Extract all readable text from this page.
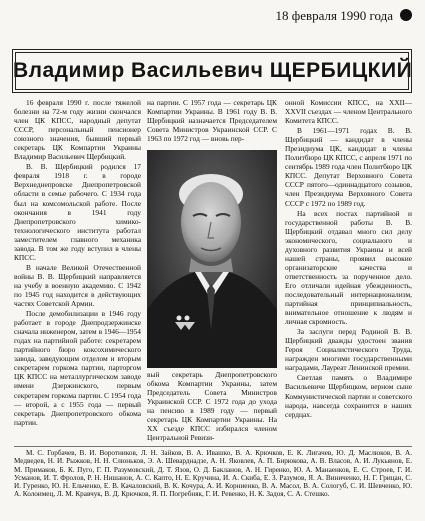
18 февраля 1990 года
Владимир Васильевич ЩЕРБИЦКИЙ

16 февраля 1990 г. после тяжелой болезни на 72-м году жизни скончался член ЦК КПСС, народный депутат СССР, персональный пенсионер союзного значения, бывший первый секретарь ЦК Компартии Украины Владимир Васильевич Щербицкий.

В. В. Щербицкий родился 17 февраля 1918 г. в городе Верхнеднепровске Днепропетровской области в семье рабочего. С 1934 года был на комсомольской работе. После окончания в 1941 году Днепропетровского химико-технологического института работал заместителем главного механика завода. В том же году вступил в члены КПСС.

В начале Великой Отечественной войны В. В. Щербицкий направляется на учебу в военную академию. С 1942 по 1945 год находится в действующих частях Советской Армии.

После демобилизации в 1946 году работает в городе Днепродзержинске сначала инженером, затем в 1946—1954 годах на партийной работе: секретарем партийного бюро коксохимического завода, заведующим отделом и вторым секретарем горкома партии, парторгом ЦК КПСС на металлургическом заводе имени Дзержинского, первым секретарем горкома партии. С 1954 года — второй, а с 1955 года — первый секретарь Днепропетровского обкома партии.

на партии. С 1957 года — секретарь ЦК Компартии Украины. В 1961 году В. В. Щербицкий назначается Председателем Совета Министров Украинской ССР. С 1963 по 1972 год — вновь пер-

вый секретарь Днепропетровского обкома Компартии Украины, затем Председатель Совета Министров Украинской ССР. С 1972 года до ухода на пенсию в 1989 году — первый секретарь ЦК Компартии Украины. На XX съезде КПСС избирался членом Центральной Ревизи-

онной Комиссии КПСС, на XXII—XXVII съездах — членом Центрального Комитета КПСС.

В 1961—1971 годах В. В. Щербицкий — кандидат в члены Президиума ЦК, кандидат в члены Политбюро ЦК КПСС, с апреля 1971 по сентябрь 1989 года член Политбюро ЦК КПСС. Депутат Верховного Совета СССР пятого—одиннадцатого созывов, член Президиума Верховного Совета СССР с 1972 по 1989 год.

На всех постах партийной и государственной работы В. В. Щербицкий отдавал много сил делу экономического, социального и духовного развития Украины и всей нашей страны, проявил высокие организаторские качества и ответственность за порученное дело. Его отличали идейная убежденность, последовательный интернационализм, партийная принципиальность, внимательное отношение к людям и личная скромность.

За заслуги перед Родиной В. В. Щербицкий дважды удостоен звания Героя Социалистического Труда, награжден многими государственными наградами, Лауреат Ленинской премии.

Светлая память о Владимире Васильевиче Щербицком, верном сыне Коммунистической партии и советского народа, навсегда сохранится в наших сердцах.

М. С. Горбачев, В. И. Воротников, Л. Н. Зайков, В. А. Ивашко, В. А. Крючков, Е. К. Лигачев, Ю. Д. Маслюков, В. А. Медведев, Н. И. Рыжков, Н. Н. Слюньков, Э. А. Шеварднадзе, А. Н. Яковлев, А. П. Бирюкова, А. В. Власов, А. И. Лукьянов, Е. М. Примаков, Б. К. Пуго, Г. П. Разумовский, Д. Т. Язов, О. Д. Бакланов, А. Н. Гиренко, Ю. А. Манаенков, Е. С. Строев, Г. И. Усманов, И. Т. Фролов, Р. Н. Нишанов, А. С. Капто, Н. Е. Кручина, И. А. Скиба, Е. З. Разумов, Я. А. Виниченко, Н. Г. Грицан, С. И. Гуренко, Ю. Н. Ельченко, Е. В. Качаловский, В. К. Кочура, А. И. Корниенко, В. А. Масол, В. А. Сологуб, С. И. Шевченко, Ю. А. Колоимец, Л. М. Кравчук, В. Д. Крючков, Я. П. Погребняк, Г. И. Ревенко, Н. К. Задоя, С. А. Стешко.
